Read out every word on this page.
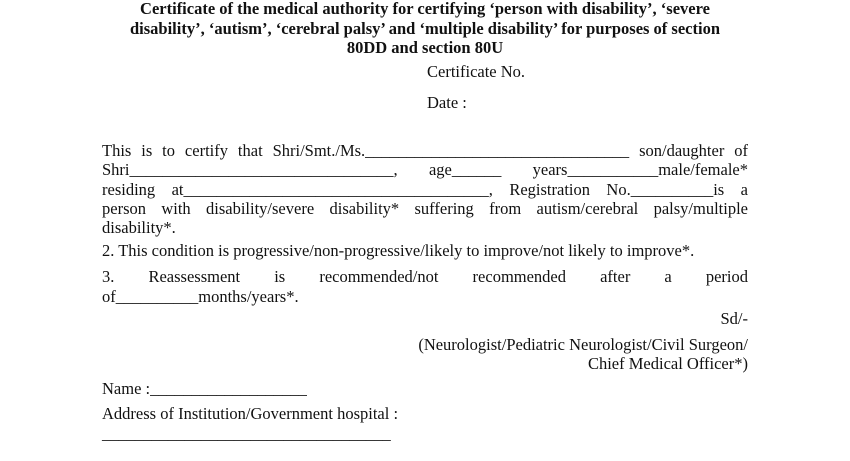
Certificate of the medical authority for certifying ‘person with disability’, ‘severe
disability’, ‘autism’, ‘cerebral palsy’ and ‘multiple disability’ for purposes of section
80DD and section 80U
Certificate No.
Date :
This is to certify that Shri/Smt./Ms.________________________________ son/daughter of
Shri________________________________, age______ years___________male/female*
residing at_____________________________________, Registration No.__________is a
person with disability/severe disability* suffering from autism/cerebral palsy/multiple
disability*.
2. This condition is progressive/non-progressive/likely to improve/not likely to improve*.
3. Reassessment is recommended/not recommended after a period
of__________months/years*.
Sd/-
(Neurologist/Pediatric Neurologist/Civil Surgeon/
Chief Medical Officer*)
Name :___________________
Address of Institution/Government hospital :
___________________________________
